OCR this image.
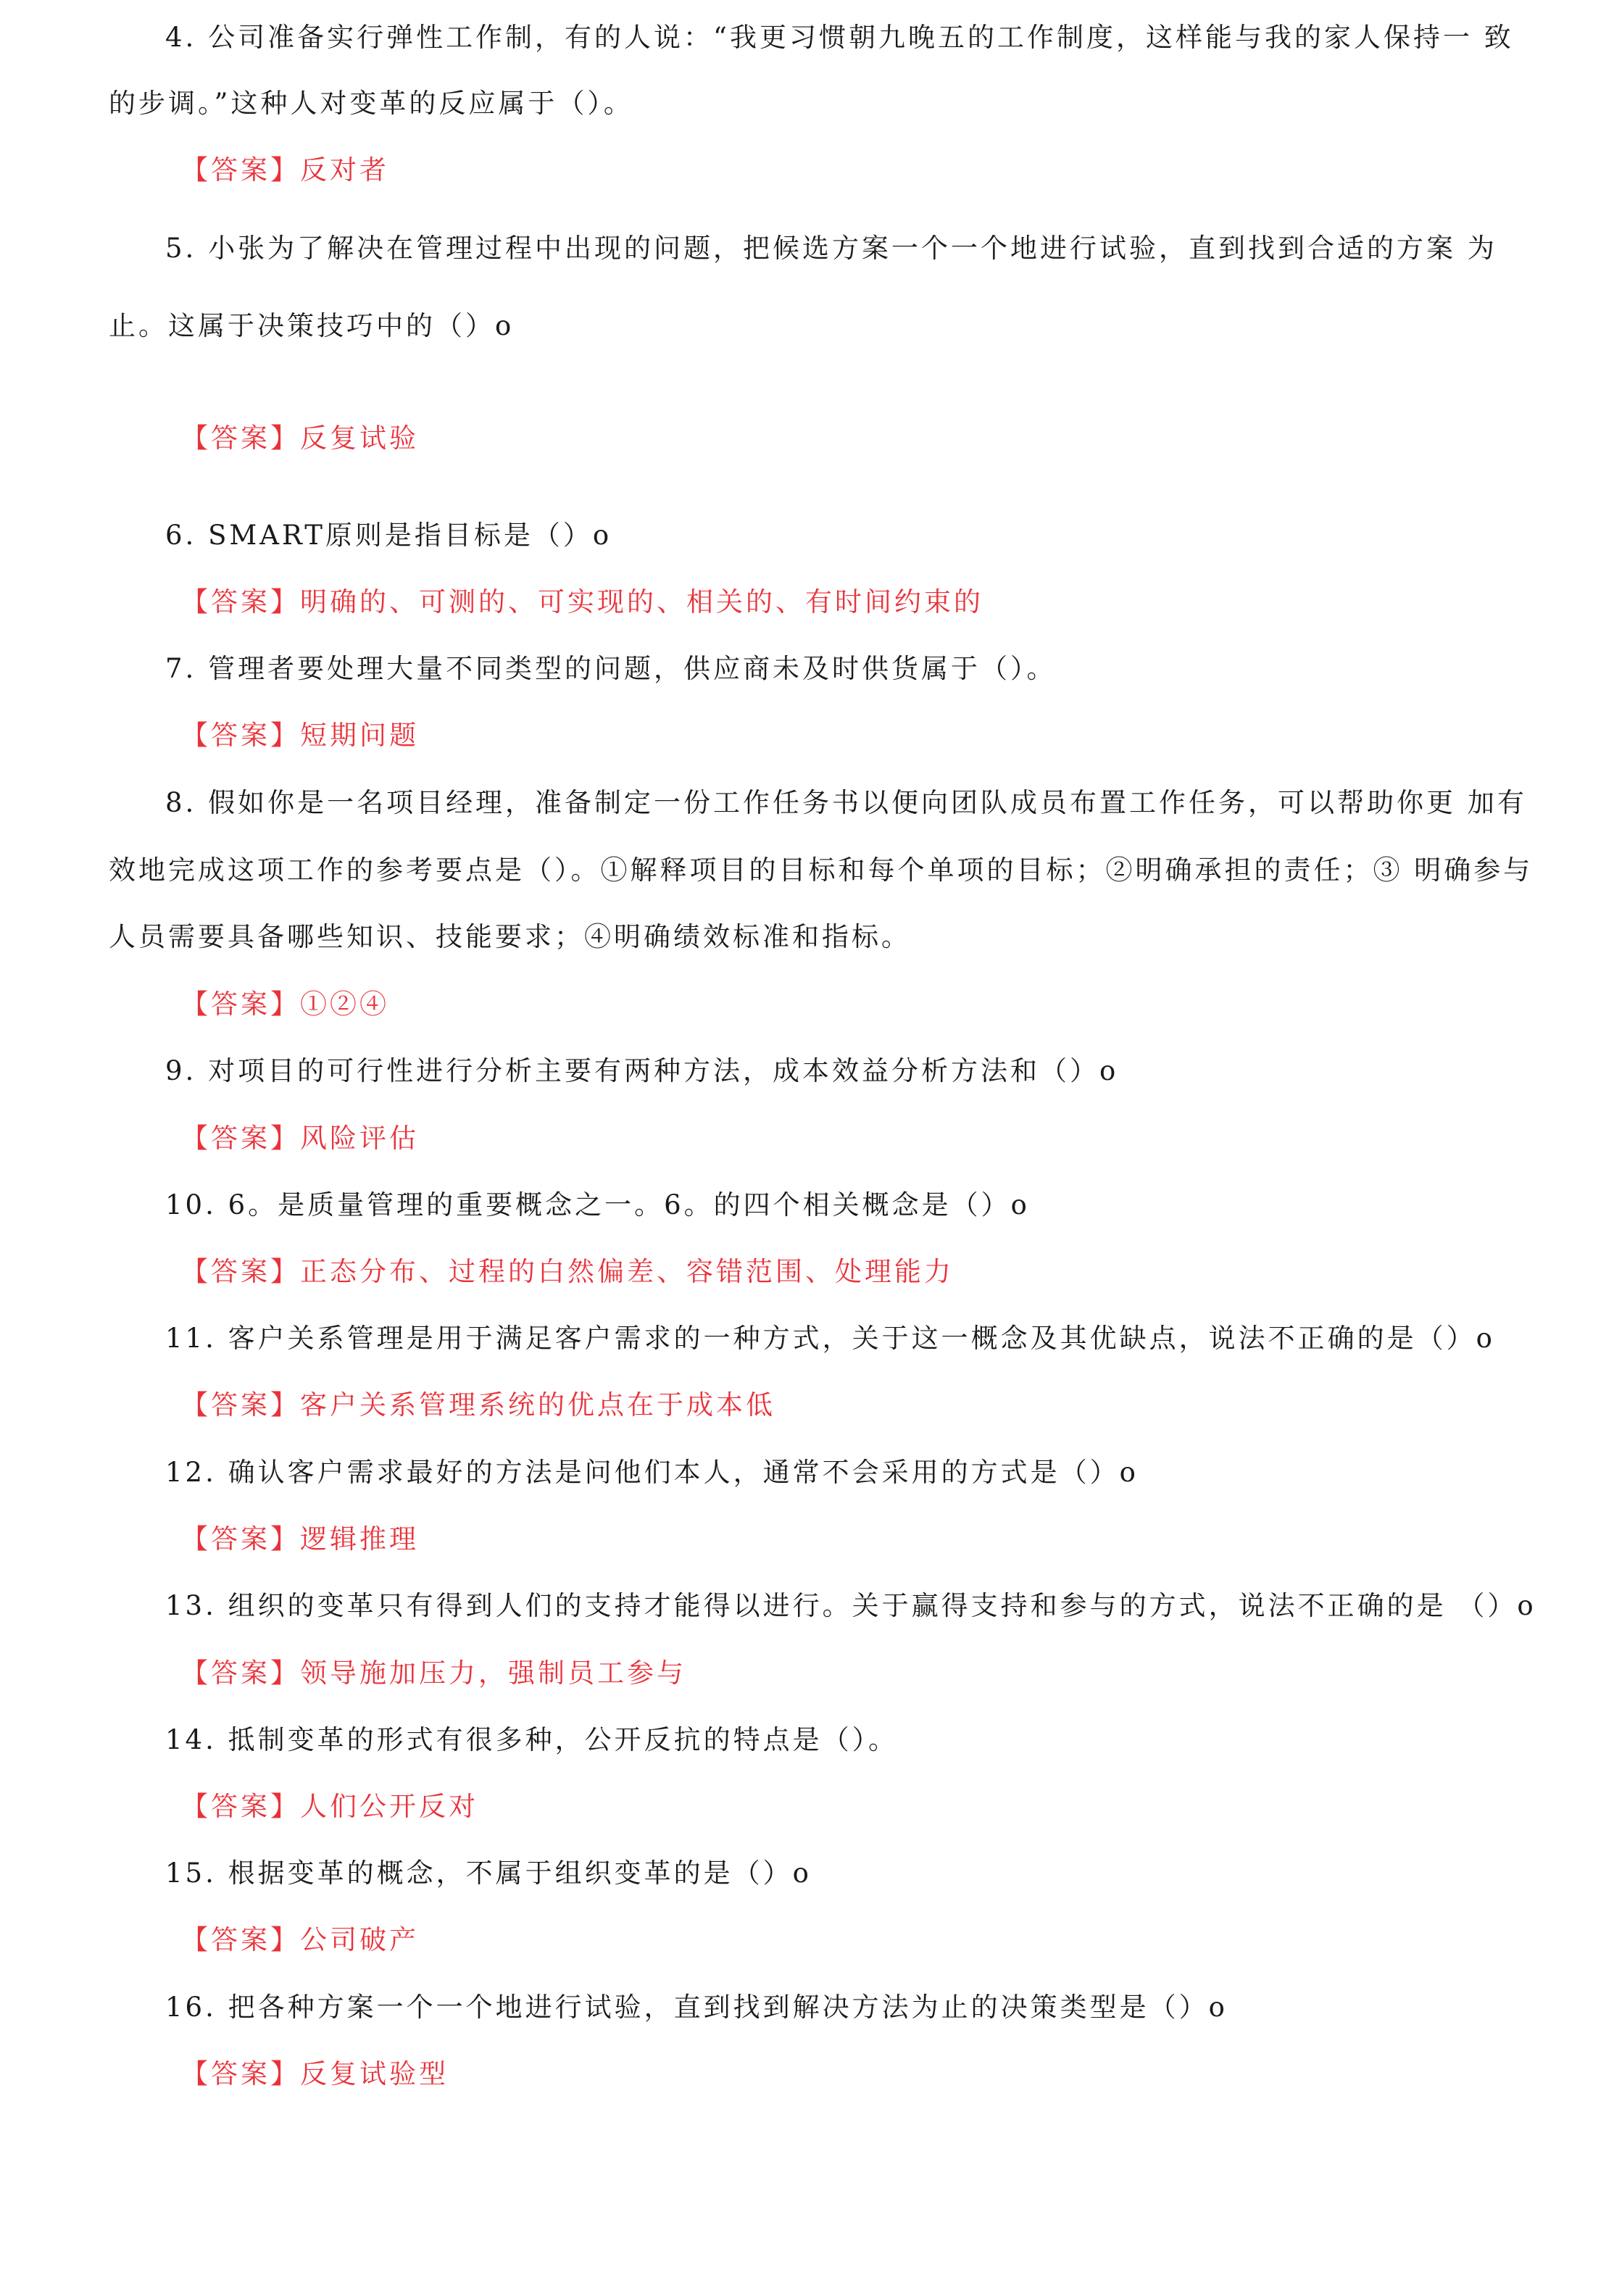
4. 公司准备实行弹性工作制，有的人说：“我更习惯朝九晚五的工作制度，这样能与我的家人保持一 致
的步调。”这种人对变革的反应属于（）。
【答案】反对者
5. 小张为了解决在管理过程中出现的问题，把候选方案一个一个地进行试验，直到找到合适的方案 为
止。这属于决策技巧中的（）o
【答案】反复试验
6. SMART原则是指目标是（）o
【答案】明确的、可测的、可实现的、相关的、有时间约束的
7. 管理者要处理大量不同类型的问题，供应商未及时供货属于（）。
【答案】短期问题
8. 假如你是一名项目经理，准备制定一份工作任务书以便向团队成员布置工作任务，可以帮助你更 加有
效地完成这项工作的参考要点是（）。①解释项目的目标和每个单项的目标；②明确承担的责任；③ 明确参与
人员需要具备哪些知识、技能要求；④明确绩效标准和指标。
【答案】①②④
9. 对项目的可行性进行分析主要有两种方法，成本效益分析方法和（）o
【答案】风险评估
10. 6。是质量管理的重要概念之一。6。的四个相关概念是（）o
【答案】正态分布、过程的白然偏差、容错范围、处理能力
11. 客户关系管理是用于满足客户需求的一种方式，关于这一概念及其优缺点，说法不正确的是（）o
【答案】客户关系管理系统的优点在于成本低
12. 确认客户需求最好的方法是问他们本人，通常不会采用的方式是（）o
【答案】逻辑推理
13. 组织的变革只有得到人们的支持才能得以进行。关于赢得支持和参与的方式，说法不正确的是 （）o
【答案】领导施加压力，强制员工参与
14. 抵制变革的形式有很多种，公开反抗的特点是（）。
【答案】人们公开反对
15. 根据变革的概念，不属于组织变革的是（）o
【答案】公司破产
16. 把各种方案一个一个地进行试验，直到找到解决方法为止的决策类型是（）o
【答案】反复试验型
